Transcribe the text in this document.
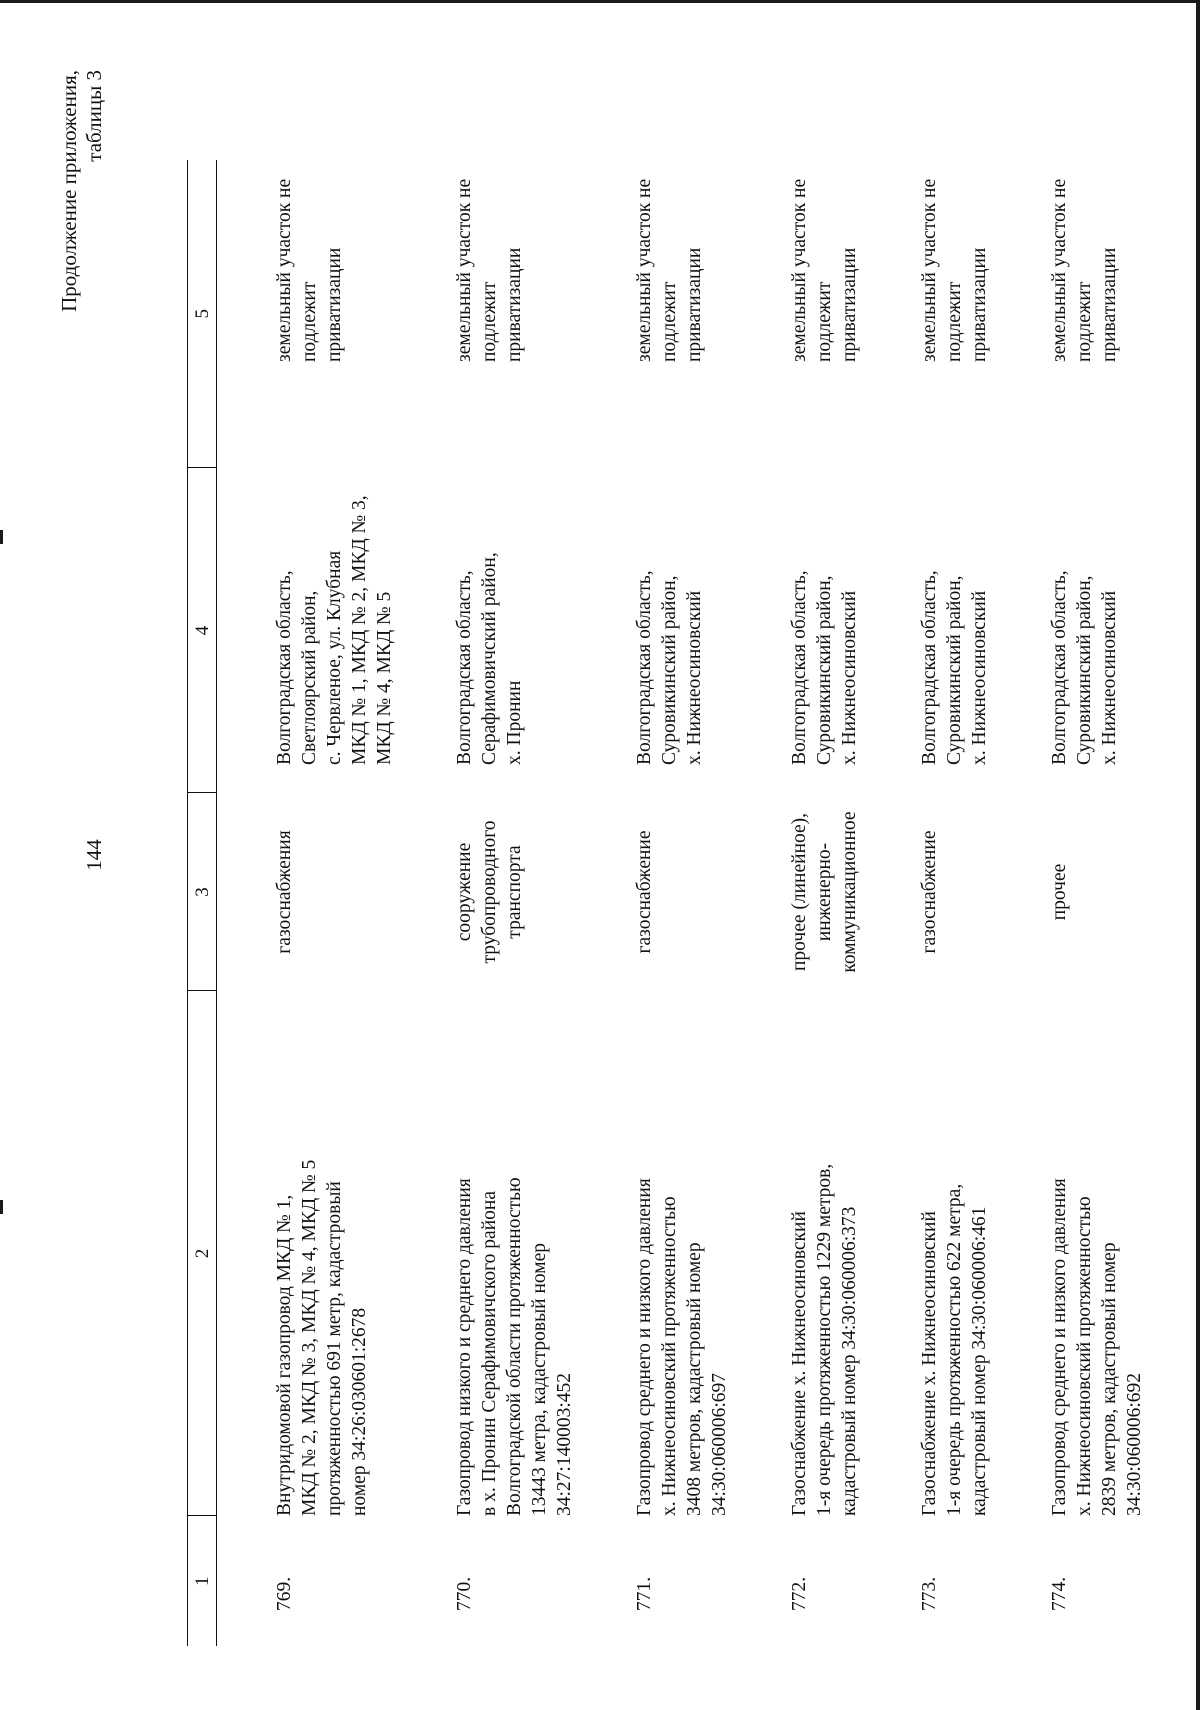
144
Продолжение приложения, таблицы 3
1	2	3	4	5
769.	Внутридомовой газопровод МКД № 1, МКД № 2, МКД № 3, МКД № 4, МКД № 5 протяженностью 691 метр, кадастровый номер 34:26:030601:2678	газоснабжения	Волгоградская область, Светлоярский район, с. Червленое, ул. Клубная МКД № 1, МКД № 2, МКД № 3, МКД № 4, МКД № 5	земельный участок не подлежит приватизации

770.	Газопровод низкого и среднего давления в х. Пронин Серафимовичского района Волгоградской области протяженностью 13443 метра, кадастровый номер 34:27:140003:452	сооружение трубопроводного транспорта	Волгоградская область, Серафимовичский район, х. Пронин	земельный участок не подлежит приватизации

771.	Газопровод среднего и низкого давления х. Нижнеосиновский протяженностью 3408 метров, кадастровый номер 34:30:060006:697	газоснабжение	Волгоградская область, Суровикинский район, х. Нижнеосиновский	земельный участок не подлежит приватизации

772.	Газоснабжение х. Нижнеосиновский 1-я очередь протяженностью 1229 метров, кадастровый номер 34:30:060006:373	прочее (линейное), инженерно- коммуникационное	Волгоградская область, Суровикинский район, х. Нижнеосиновский	земельный участок не подлежит приватизации

773.	Газоснабжение х. Нижнеосиновский 1-я очередь протяженностью 622 метра, кадастровый номер 34:30:060006:461	газоснабжение	Волгоградская область, Суровикинский район, х. Нижнеосиновский	земельный участок не подлежит приватизации

774.	Газопровод среднего и низкого давления х. Нижнеосиновский протяженностью 2839 метров, кадастровый номер 34:30:060006:692	прочее	Волгоградская область, Суровикинский район, х. Нижнеосиновский	земельный участок не подлежит приватизации
